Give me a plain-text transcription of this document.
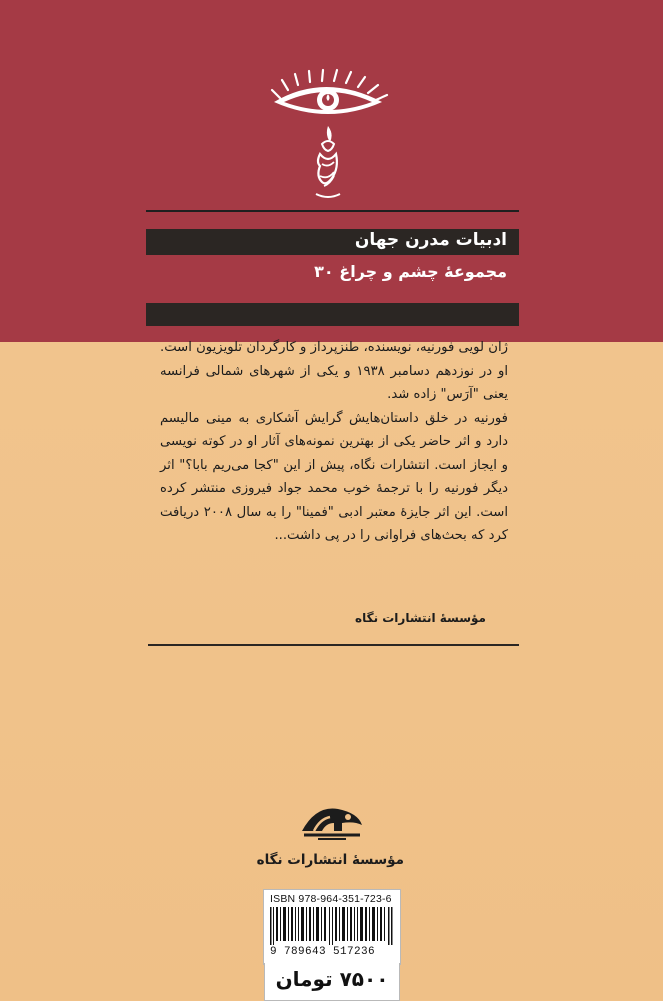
ادبیات مدرن جهان
مجموعهٔ چشم و چراغ ۳۰

ژان لویی فورنیه، نویسنده، طنزپرداز و کارگردان تلویزیون است. او در نوزدهم دسامبر ۱۹۳۸ و یکی از شهرهای شمالی فرانسه یعنی "آرَس" زاده شد.

فورنیه در خلق داستان‌هایش گرایش آشکاری به مینی مالیسم دارد و اثر حاضر یکی از بهترین نمونه‌های آثار او در کوته نویسی و ایجاز است. انتشارات نگاه، پیش از این "کجا می‌ریم بابا؟" اثر دیگر فورنیه را با ترجمهٔ خوب محمد جواد فیروزی منتشر کرده است. این اثر جایزهٔ معتبر ادبی "فمینا" را به سال ۲۰۰۸ دریافت کرد که بحث‌های فراوانی را در پی داشت...

مؤسسهٔ انتشارات نگاه
مؤسسهٔ انتشارات نگاه
ISBN 978-964-351-723-6
9 789643 517236
۷۵۰۰ تومان
